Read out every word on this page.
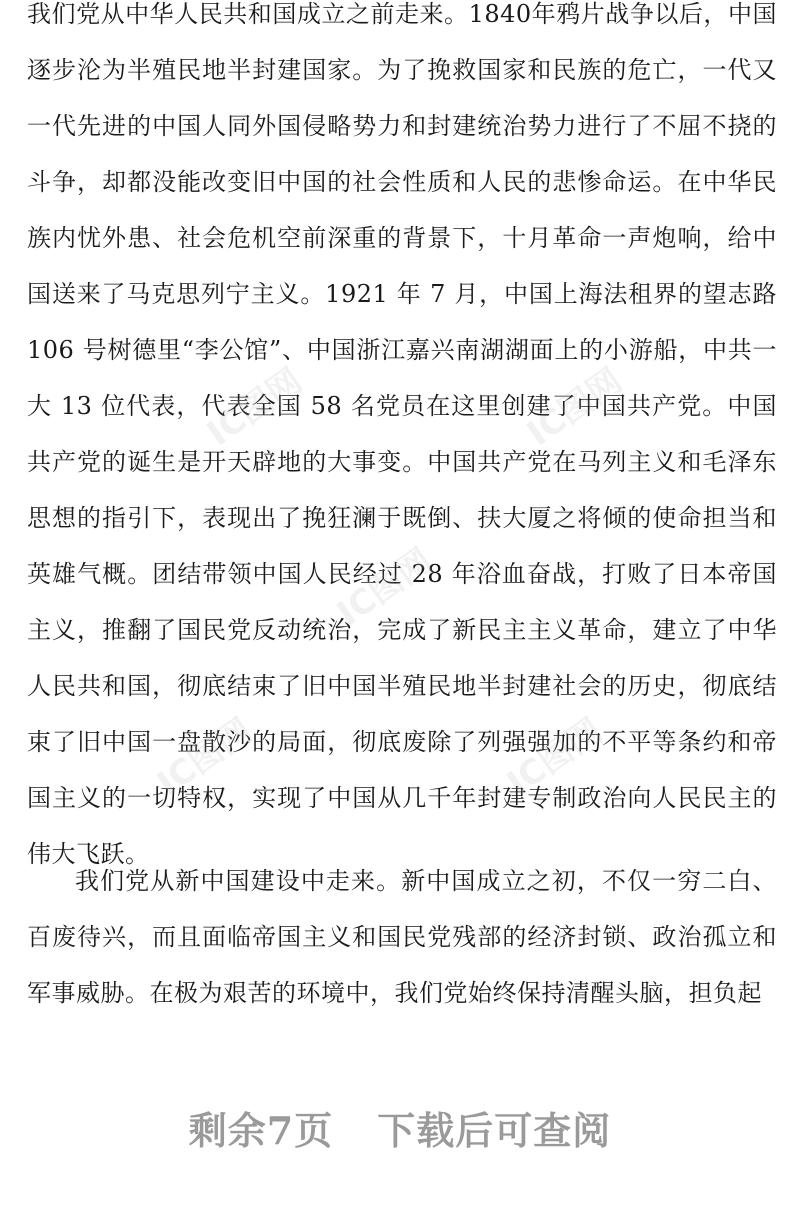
我们党从中华人民共和国成立之前走来。1840年鸦片战争以后，中国逐步沦为半殖民地半封建国家。为了挽救国家和民族的危亡，一代又一代先进的中国人同外国侵略势力和封建统治势力进行了不屈不挠的斗争，却都没能改变旧中国的社会性质和人民的悲惨命运。在中华民族内忧外患、社会危机空前深重的背景下，十月革命一声炮响，给中国送来了马克思列宁主义。1921 年 7 月，中国上海法租界的望志路 106 号树德里“李公馆”、中国浙江嘉兴南湖湖面上的小游船，中共一大 13 位代表，代表全国 58 名党员在这里创建了中国共产党。中国共产党的诞生是开天辟地的大事变。中国共产党在马列主义和毛泽东思想的指引下，表现出了挽狂澜于既倒、扶大厦之将倾的使命担当和英雄气概。团结带领中国人民经过 28 年浴血奋战，打败了日本帝国主义，推翻了国民党反动统治，完成了新民主主义革命，建立了中华人民共和国，彻底结束了旧中国半殖民地半封建社会的历史，彻底结束了旧中国一盘散沙的局面，彻底废除了列强强加的不平等条约和帝国主义的一切特权，实现了中国从几千年封建专制政治向人民民主的伟大飞跃。

我们党从新中国建设中走来。新中国成立之初，不仅一穷二白、百废待兴，而且面临帝国主义和国民党残部的经济封锁、政治孤立和军事威胁。在极为艰苦的环境中，我们党始终保持清醒头脑，担负起

IC图网	IC图网
IC图网
IC图网	IC图网
剩余7页 下载后可查阅
